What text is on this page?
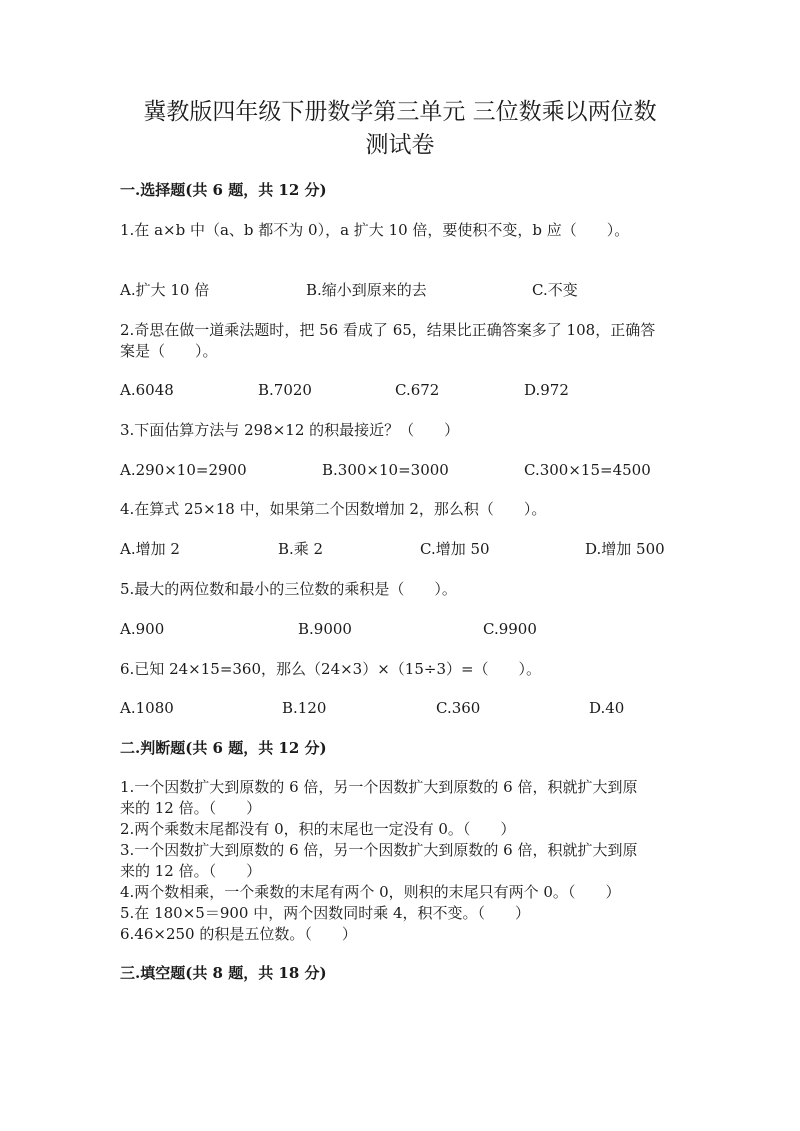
冀教版四年级下册数学第三单元 三位数乘以两位数
测试卷
一.选择题(共 6 题，共 12 分)
1.在 a×b 中（a、b 都不为 0），a 扩大 10 倍，要使积不变，b 应（　　）。
A.扩大 10 倍	B.缩小到原来的去	C.不变
2.奇思在做一道乘法题时，把 56 看成了 65，结果比正确答案多了 108，正确答
案是（　　）。
A.6048	B.7020	C.672	D.972
3.下面估算方法与 298×12 的积最接近？（　　）
A.290×10=2900	B.300×10=3000	C.300×15=4500
4.在算式 25×18 中，如果第二个因数增加 2，那么积（　　）。
A.增加 2	B.乘 2	C.增加 50	D.增加 500
5.最大的两位数和最小的三位数的乘积是（　　）。
A.900	B.9000	C.9900
6.已知 24×15=360，那么（24×3）×（15÷3）=（　　）。
A.1080	B.120	C.360	D.40
二.判断题(共 6 题，共 12 分)
1.一个因数扩大到原数的 6 倍，另一个因数扩大到原数的 6 倍，积就扩大到原
来的 12 倍。（　　）
2.两个乘数末尾都没有 0，积的末尾也一定没有 0。（　　）
3.一个因数扩大到原数的 6 倍，另一个因数扩大到原数的 6 倍，积就扩大到原
来的 12 倍。（　　）
4.两个数相乘，一个乘数的末尾有两个 0，则积的末尾只有两个 0。（　　）
5.在 180×5＝900 中，两个因数同时乘 4，积不变。（　　）
6.46×250 的积是五位数。（　　）
三.填空题(共 8 题，共 18 分)
